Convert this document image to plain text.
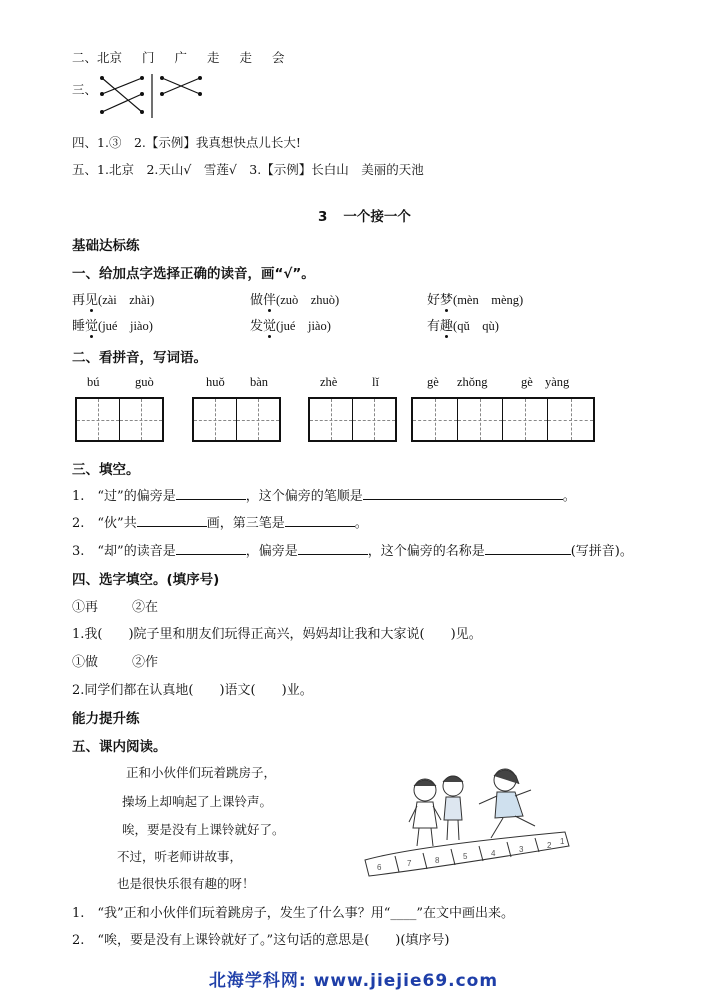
二、北京 门 广 走 走 会
三、
四、1.③　2.【示例】我真想快点儿长大!
五、1.北京　2.天山√　雪莲√　3.【示例】长白山　美丽的天池
3 一个接一个
基础达标练
一、给加点字选择正确的读音，画“√”。
再见(zài　zhài)	做伴(zuò　zhuò)	好梦(mèn　mèng)
睡觉(jué　jiào)	发觉(jué　jiào)	有趣(qǔ　qù)
二、看拼音，写词语。
bú	guò	huǒ bàn	zhè	lǐ	gè zhǒng	gè yàng
三、填空。
1.　“过”的偏旁是	，这个偏旁的笔顺是	。
2.　“伙”共	画，第三笔是	。
3.　“却”的读音是	，偏旁是	，这个偏旁的名称是	(写拼音)。
四、选字填空。(填序号)
①再	②在
1.我(　　)院子里和朋友们玩得正高兴，妈妈却让我和大家说(　　)见。
①做	②作
2.同学们都在认真地(　　)语文(　　)业。
能力提升练
五、课内阅读。
正和小伙伴们玩着跳房子，
操场上却响起了上课铃声。
唉，要是没有上课铃就好了。
不过，听老师讲故事，
也是很快乐很有趣的呀！
6	7	8	5	4	3	2 1
1.　“我”正和小伙伴们玩着跳房子，发生了什么事？用“____”在文中画出来。
2.　“唉，要是没有上课铃就好了。”这句话的意思是(　　)(填序号)
北海学科网: www.jiejie69.com
